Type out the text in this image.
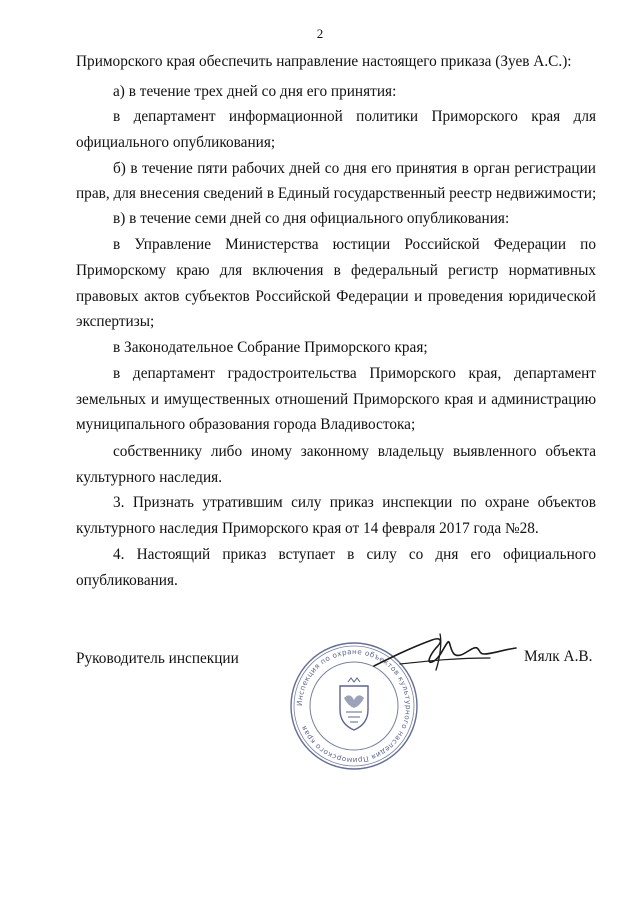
2
Приморского края обеспечить направление настоящего приказа (Зуев А.С.):
а) в течение трех дней со дня его принятия:
в департамент информационной политики Приморского края для
официального опубликования;
б) в течение пяти рабочих дней со дня его принятия в орган регистрации
прав, для внесения сведений в Единый государственный реестр недвижимости;
в) в течение семи дней со дня официального опубликования:
в Управление Министерства юстиции Российской Федерации по
Приморскому краю для включения в федеральный регистр нормативных
правовых актов субъектов Российской Федерации и проведения юридической
экспертизы;
в Законодательное Собрание Приморского края;
в департамент градостроительства Приморского края, департамент
земельных и имущественных отношений Приморского края и администрацию
муниципального образования города Владивостока;
собственнику либо иному законному владельцу выявленного объекта
культурного наследия.
3. Признать утратившим силу приказ инспекции по охране объектов
культурного наследия Приморского края от 14 февраля 2017 года №28.
4. Настоящий приказ вступает в силу со дня его официального
опубликования.
Руководитель инспекции	Мялк А.В.
Инспекция по охране объектов культурного наследия Приморского края
